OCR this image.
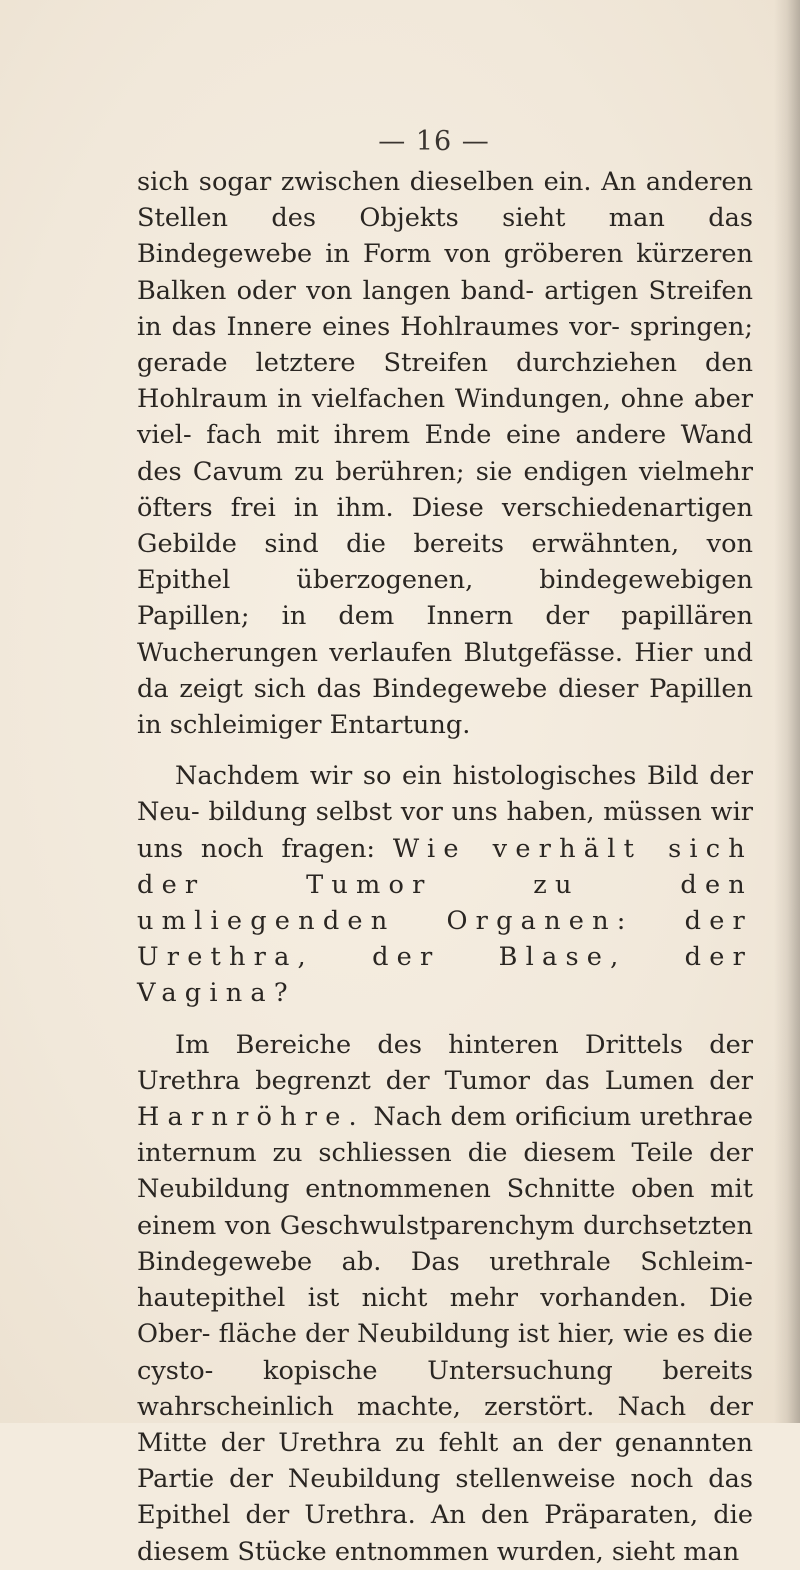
— 16 —

sich sogar zwischen dieselben ein. An anderen Stellen des Objekts sieht man das Bindegewebe in Form von gröberen kürzeren Balken oder von langen band- artigen Streifen in das Innere eines Hohlraumes vor- springen; gerade letztere Streifen durchziehen den Hohlraum in vielfachen Windungen, ohne aber viel- fach mit ihrem Ende eine andere Wand des Cavum zu berühren; sie endigen vielmehr öfters frei in ihm. Diese verschiedenartigen Gebilde sind die bereits erwähnten, von Epithel überzogenen, bindegewebigen Papillen; in dem Innern der papillären Wucherungen verlaufen Blutgefässe. Hier und da zeigt sich das Bindegewebe dieser Papillen in schleimiger Entartung.

Nachdem wir so ein histologisches Bild der Neu- bildung selbst vor uns haben, müssen wir uns noch fragen: Wie verhält sich der Tumor zu den umliegenden Organen: der Urethra, der Blase, der Vagina?

Im Bereiche des hinteren Drittels der Urethra begrenzt der Tumor das Lumen der Harnröhre. Nach dem orificium urethrae internum zu schliessen die diesem Teile der Neubildung entnommenen Schnitte oben mit einem von Geschwulstparenchym durchsetzten Bindegewebe ab. Das urethrale Schleim- hautepithel ist nicht mehr vorhanden. Die Ober- fläche der Neubildung ist hier, wie es die cysto- kopische Untersuchung bereits wahrscheinlich machte, zerstört. Nach der Mitte der Urethra zu fehlt an der genannten Partie der Neubildung stellenweise noch das Epithel der Urethra. An den Präparaten, die diesem Stücke entnommen wurden, sieht man
